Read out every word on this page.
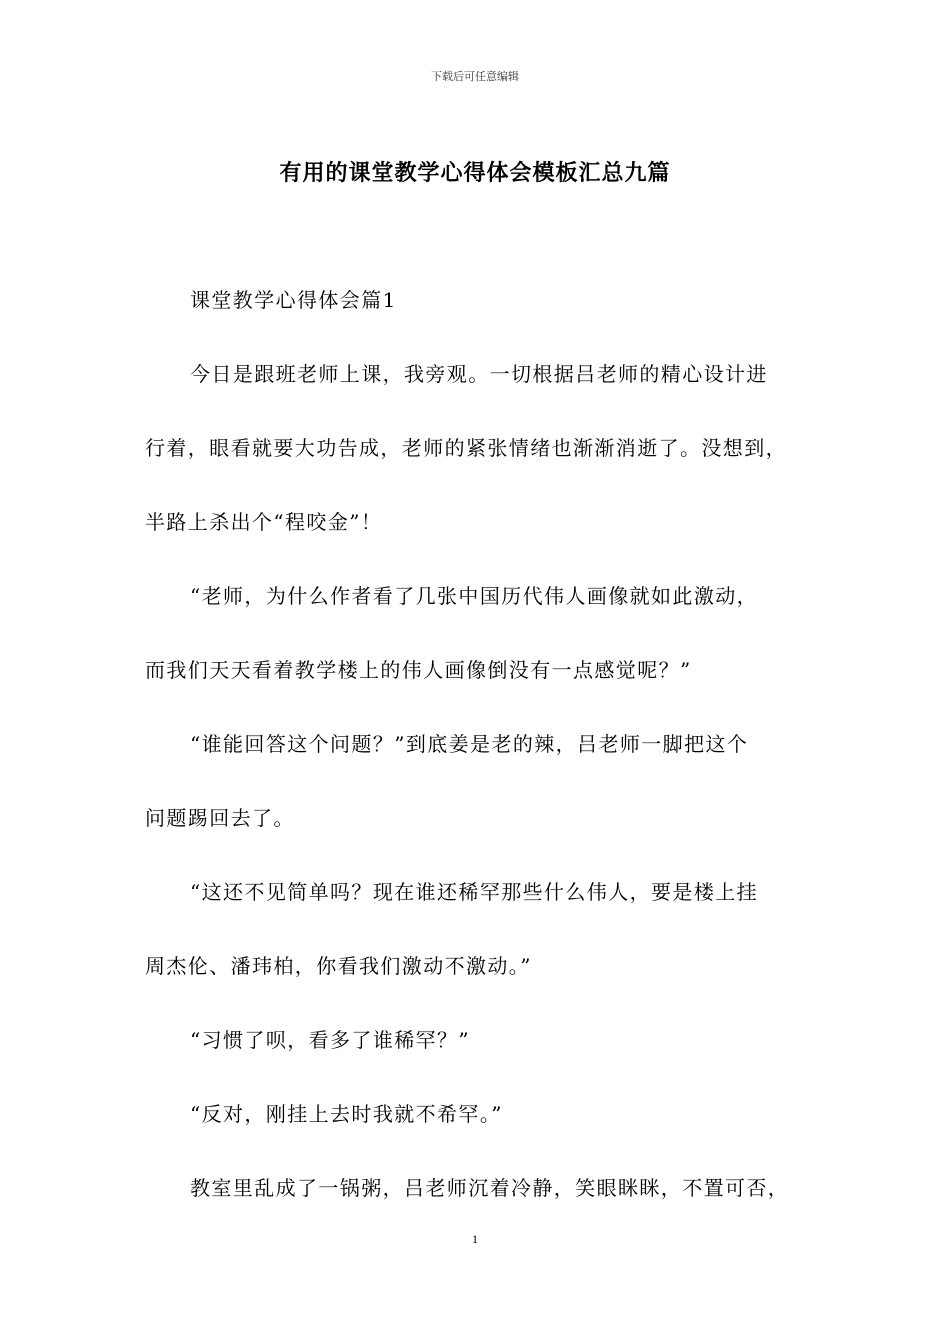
下载后可任意编辑
有用的课堂教学心得体会模板汇总九篇
课堂教学心得体会篇1
今日是跟班老师上课，我旁观。一切根据吕老师的精心设计进
行着，眼看就要大功告成，老师的紧张情绪也渐渐消逝了。没想到，
半路上杀出个“程咬金”！
“老师，为什么作者看了几张中国历代伟人画像就如此激动，
而我们天天看着教学楼上的伟人画像倒没有一点感觉呢？”
“谁能回答这个问题？”到底姜是老的辣，吕老师一脚把这个
问题踢回去了。
“这还不见简单吗？现在谁还稀罕那些什么伟人，要是楼上挂
周杰伦、潘玮柏，你看我们激动不激动。”
“习惯了呗，看多了谁稀罕？”
“反对，刚挂上去时我就不希罕。”
教室里乱成了一锅粥，吕老师沉着冷静，笑眼眯眯，不置可否，
1
